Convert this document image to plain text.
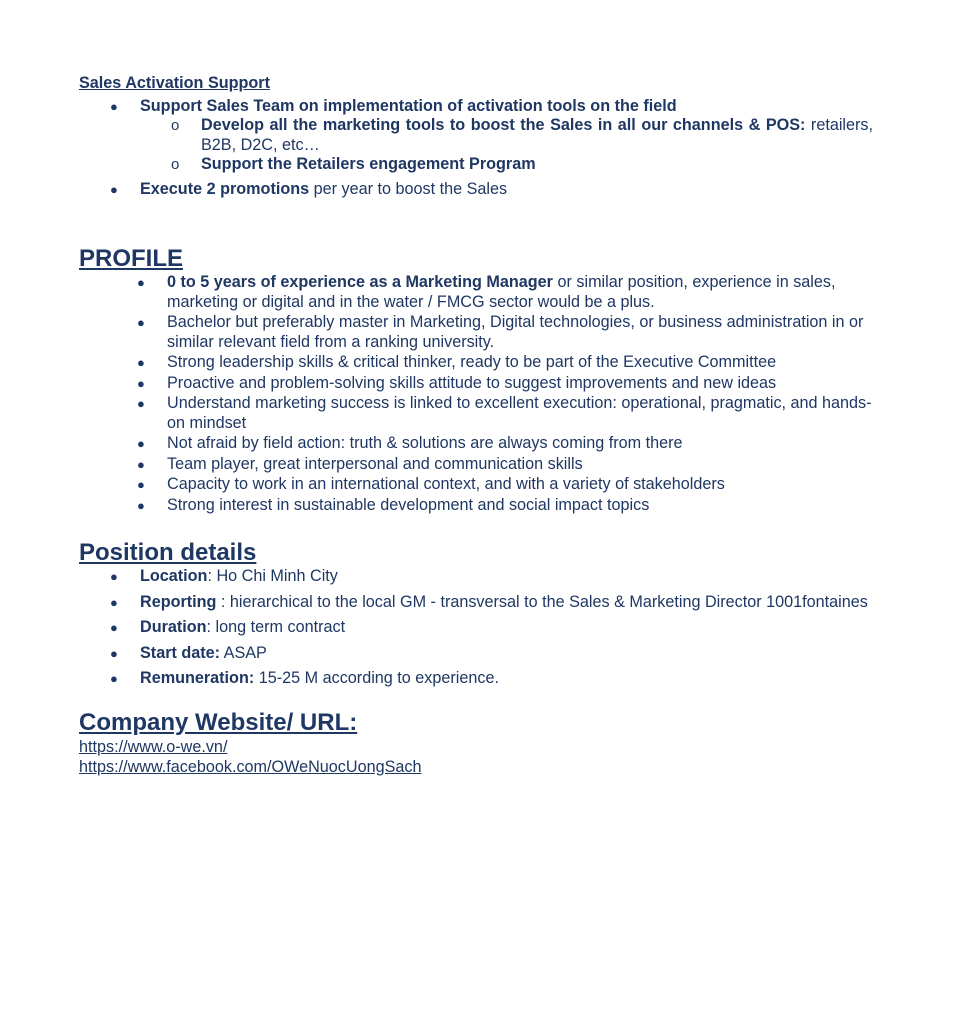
Sales Activation Support
● Support Sales Team on implementation of activation tools on the field
o Develop all the marketing tools to boost the Sales in all our channels & POS: retailers, B2B, D2C, etc…
o Support the Retailers engagement Program
● Execute 2 promotions per year to boost the Sales
PROFILE
● 0 to 5 years of experience as a Marketing Manager or similar position, experience in sales, marketing or digital and in the water / FMCG sector would be a plus.
● Bachelor but preferably master in Marketing, Digital technologies, or business administration in or similar relevant field from a ranking university.
● Strong leadership skills & critical thinker, ready to be part of the Executive Committee
● Proactive and problem-solving skills attitude to suggest improvements and new ideas
● Understand marketing success is linked to excellent execution: operational, pragmatic, and hands-on mindset
● Not afraid by field action: truth & solutions are always coming from there
● Team player, great interpersonal and communication skills
● Capacity to work in an international context, and with a variety of stakeholders
● Strong interest in sustainable development and social impact topics
Position details
● Location: Ho Chi Minh City
● Reporting : hierarchical to the local GM - transversal to the Sales & Marketing Director 1001fontaines
● Duration: long term contract
● Start date: ASAP
● Remuneration: 15-25 M according to experience.
Company Website/ URL:
https://www.o-we.vn/
https://www.facebook.com/OWeNuocUongSach
